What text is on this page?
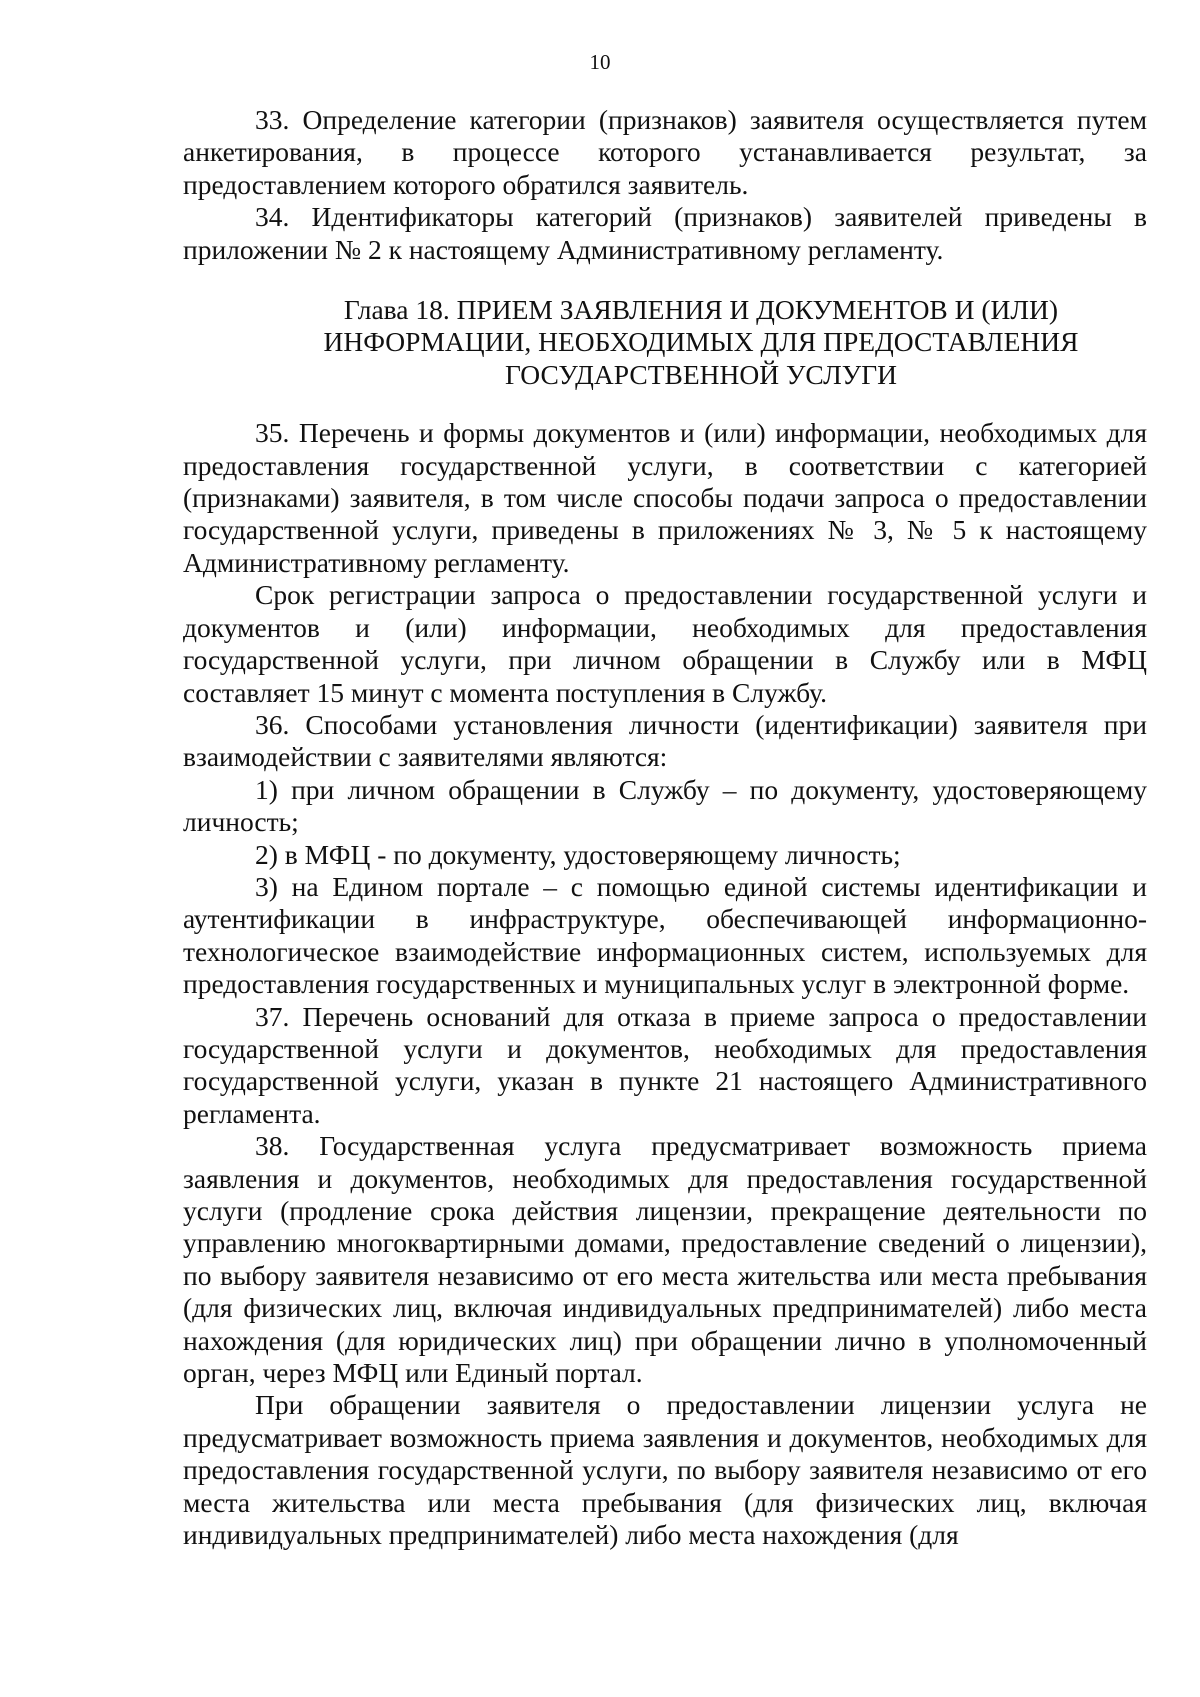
10

33. Определение категории (признаков) заявителя осуществляется путем анкетирования, в процессе которого устанавливается результат, за предоставлением которого обратился заявитель.

34. Идентификаторы категорий (признаков) заявителей приведены в приложении № 2 к настоящему Административному регламенту.

Глава 18. ПРИЕМ ЗАЯВЛЕНИЯ И ДОКУМЕНТОВ И (ИЛИ)
ИНФОРМАЦИИ, НЕОБХОДИМЫХ ДЛЯ ПРЕДОСТАВЛЕНИЯ
ГОСУДАРСТВЕННОЙ УСЛУГИ

35. Перечень и формы документов и (или) информации, необходимых для предоставления государственной услуги, в соответствии с категорией (признаками) заявителя, в том числе способы подачи запроса о предоставлении государственной услуги, приведены в приложениях № 3, № 5 к настоящему Административному регламенту.

Срок регистрации запроса о предоставлении государственной услуги и документов и (или) информации, необходимых для предоставления государственной услуги, при личном обращении в Службу или в МФЦ составляет 15 минут с момента поступления в Службу.

36. Способами установления личности (идентификации) заявителя при взаимодействии с заявителями являются:

1) при личном обращении в Службу – по документу, удостоверяющему личность;

2) в МФЦ - по документу, удостоверяющему личность;

3) на Едином портале – с помощью единой системы идентификации и аутентификации в инфраструктуре, обеспечивающей информационно-технологическое взаимодействие информационных систем, используемых для предоставления государственных и муниципальных услуг в электронной форме.

37. Перечень оснований для отказа в приеме запроса о предоставлении государственной услуги и документов, необходимых для предоставления государственной услуги, указан в пункте 21 настоящего Административного регламента.

38. Государственная услуга предусматривает возможность приема заявления и документов, необходимых для предоставления государственной услуги (продление срока действия лицензии, прекращение деятельности по управлению многоквартирными домами, предоставление сведений о лицензии), по выбору заявителя независимо от его места жительства или места пребывания (для физических лиц, включая индивидуальных предпринимателей) либо места нахождения (для юридических лиц) при обращении лично в уполномоченный орган, через МФЦ или Единый портал.

При обращении заявителя о предоставлении лицензии услуга не предусматривает возможность приема заявления и документов, необходимых для предоставления государственной услуги, по выбору заявителя независимо от его места жительства или места пребывания (для физических лиц, включая индивидуальных предпринимателей) либо места нахождения (для
